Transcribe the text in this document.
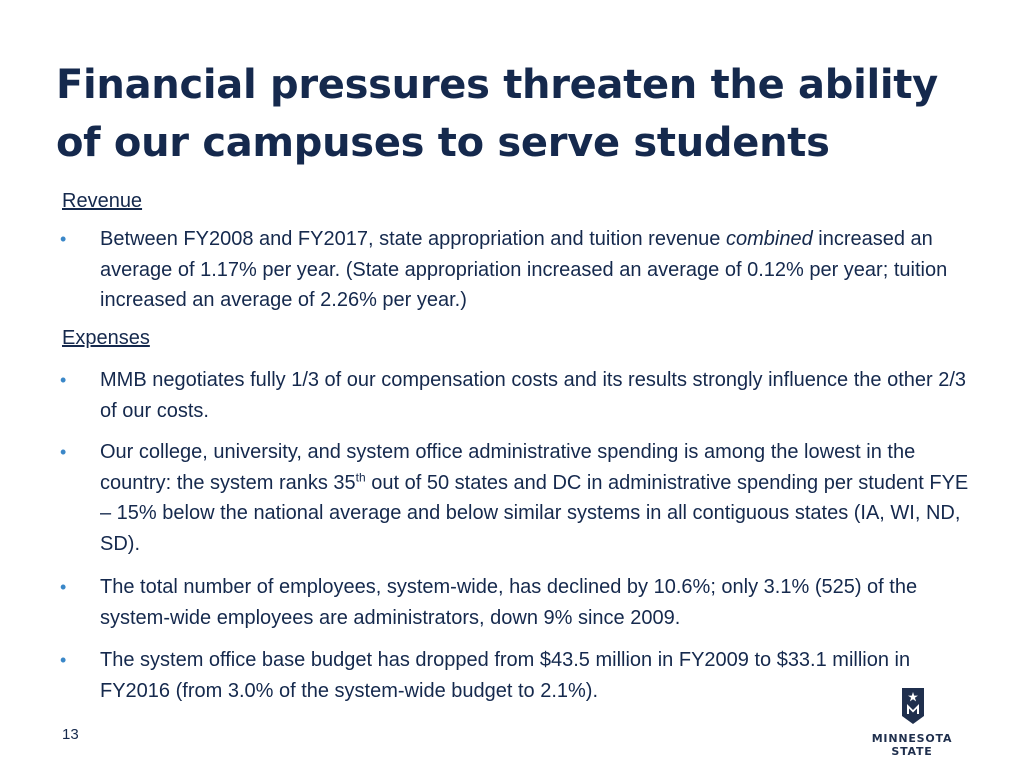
Financial pressures threaten the ability of our campuses to serve students
Revenue
• Between FY2008 and FY2017, state appropriation and tuition revenue combined increased an average of 1.17% per year. (State appropriation increased an average of 0.12% per year; tuition increased an average of 2.26% per year.)
Expenses
• MMB negotiates fully 1/3 of our compensation costs and its results strongly influence the other 2/3 of our costs.
• Our college, university, and system office administrative spending is among the lowest in the country: the system ranks 35th out of 50 states and DC in administrative spending per student FYE – 15% below the national average and below similar systems in all contiguous states (IA, WI, ND, SD).
• The total number of employees, system-wide, has declined by 10.6%; only 3.1% (525) of the system-wide employees are administrators, down 9% since 2009.
• The system office base budget has dropped from $43.5 million in FY2009 to $33.1 million in FY2016 (from 3.0% of the system-wide budget to 2.1%).
13	MINNESOTA STATE
